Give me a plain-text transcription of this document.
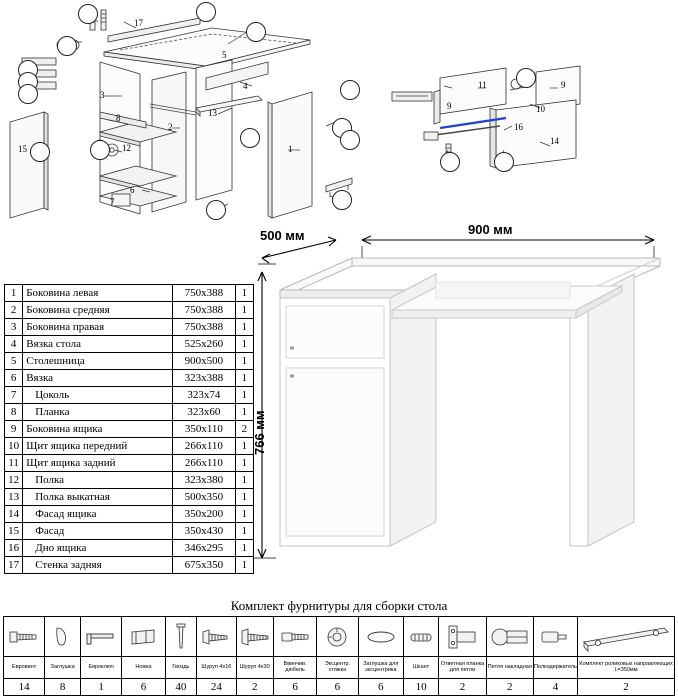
17
5
3
4
13
8
2
12	1
6
15
7
11
9
9
10
16
14
500 мм	900 мм
766 мм
1	Боковина левая	750х388	1
2	Боковина средняя	750х388	1
3	Боковина правая	750х388	1
4	Вязка стола	525х260	1
5	Столешница	900х500	1
6	Вязка	323х388	1
7	Цоколь	323х74	1
8	Планка	323х60	1
9	Боковина ящика	350х110	2
10	Щит ящика передний	266х110	1
11	Щит ящика задний	266х110	1
12	Полка	323х380	1
13	Полка выкатная	500х350	1
14	Фасад ящика	350х200	1
15	Фасад	350х430	1
16	Дно ящика	346х295	1
17	Стенка задняя	675х350	1
Комплект фурнитуры для сборки стола

Евровинт	Заглушка	Евроключ	Ножка	Гвоздь	Шуруп 4х16	Шуруп 4х30	Ввинчив. дюбель	Эксцентр. стяжка	Заглушка для эксцентрика	Шкант	Ответная планка для петли	Петля накладная	Полкодержатель	Комплект роликовых направляющих L=350мм
14	8	1	6	40	24	2	6	6	6	10	2	2	4	2
